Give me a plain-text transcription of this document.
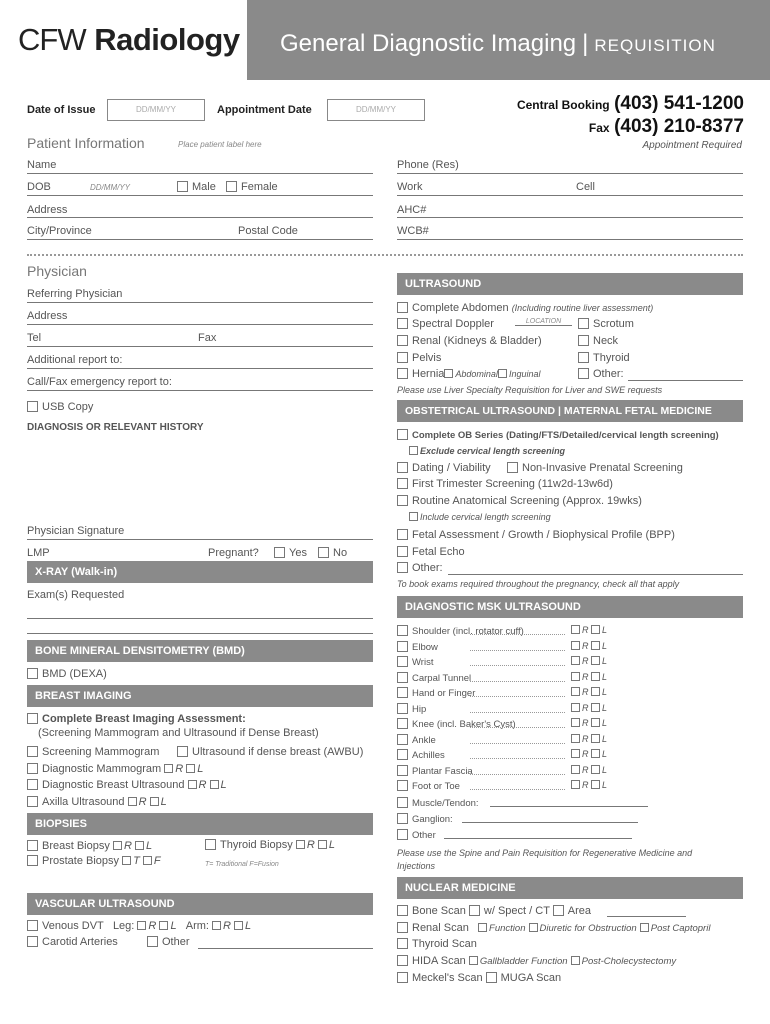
CFW Radiology General Diagnostic Imaging | REQUISITION
Date of Issue	DD/MM/YY	Appointment Date	DD/MM/YY	Central Booking (403) 541-1200
Fax (403) 210-8377
Appointment Required
Patient Information	Place patient label here
Name	Phone (Res)
DOB	DD/MM/YY	Male	Female	Work	Cell
Address	AHC#
City/Province	Postal Code	WCB#
Physician
Referring Physician
Address
Tel	Fax
Additional report to:
Call/Fax emergency report to:
USB Copy
DIAGNOSIS OR RELEVANT HISTORY
Physician Signature
LMP	Pregnant?	Yes	No
X-RAY (Walk-in)
Exam(s) Requested
BONE MINERAL DENSITOMETRY (BMD)
BMD (DEXA)
BREAST IMAGING
Complete Breast Imaging Assessment:
(Screening Mammogram and Ultrasound if Dense Breast)
Screening Mammogram	Ultrasound if dense breast (AWBU)
Diagnostic Mammogram R L
Diagnostic Breast Ultrasound R L
Axilla Ultrasound R L
BIOPSIES
Breast Biopsy R L	Thyroid Biopsy R L
Prostate Biopsy T F	T= Traditional F=Fusion
VASCULAR ULTRASOUND
Venous DVT Leg: R L Arm: R L
Carotid Arteries	Other
ULTRASOUND
Complete Abdomen (Including routine liver assessment)
Spectral Doppler	LOCATION	Scrotum
Renal (Kidneys & Bladder)	Neck
Pelvis	Thyroid
Hernia Abdominal Inguinal	Other:
Please use Liver Specialty Requisition for Liver and SWE requests
OBSTETRICAL ULTRASOUND | MATERNAL FETAL MEDICINE
Complete OB Series (Dating/FTS/Detailed/cervical length screening)
Exclude cervical length screening
Dating / Viability	Non-Invasive Prenatal Screening
First Trimester Screening (11w2d-13w6d)
Routine Anatomical Screening (Approx. 19wks)
Include cervical length screening
Fetal Assessment / Growth / Biophysical Profile (BPP)
Fetal Echo
Other:
To book exams required throughout the pregnancy, check all that apply
DIAGNOSTIC MSK ULTRASOUND
Shoulder (incl. rotator cuff)	R L
Elbow	R L
Wrist	R L
Carpal Tunnel	R L
Hand or Finger	R L
Hip	R L
Knee (incl. Baker's Cyst)	R L
Ankle	R L
Achilles	R L
Plantar Fascia	R L
Foot or Toe	R L
Muscle/Tendon:
Ganglion:
Other
Please use the Spine and Pain Requisition for Regenerative Medicine and Injections
NUCLEAR MEDICINE
Bone Scan w/ Spect / CT Area
Renal Scan Function Diuretic for Obstruction Post Captopril
Thyroid Scan
HIDA Scan Gallbladder Function Post-Cholecystectomy
Meckel's Scan MUGA Scan
